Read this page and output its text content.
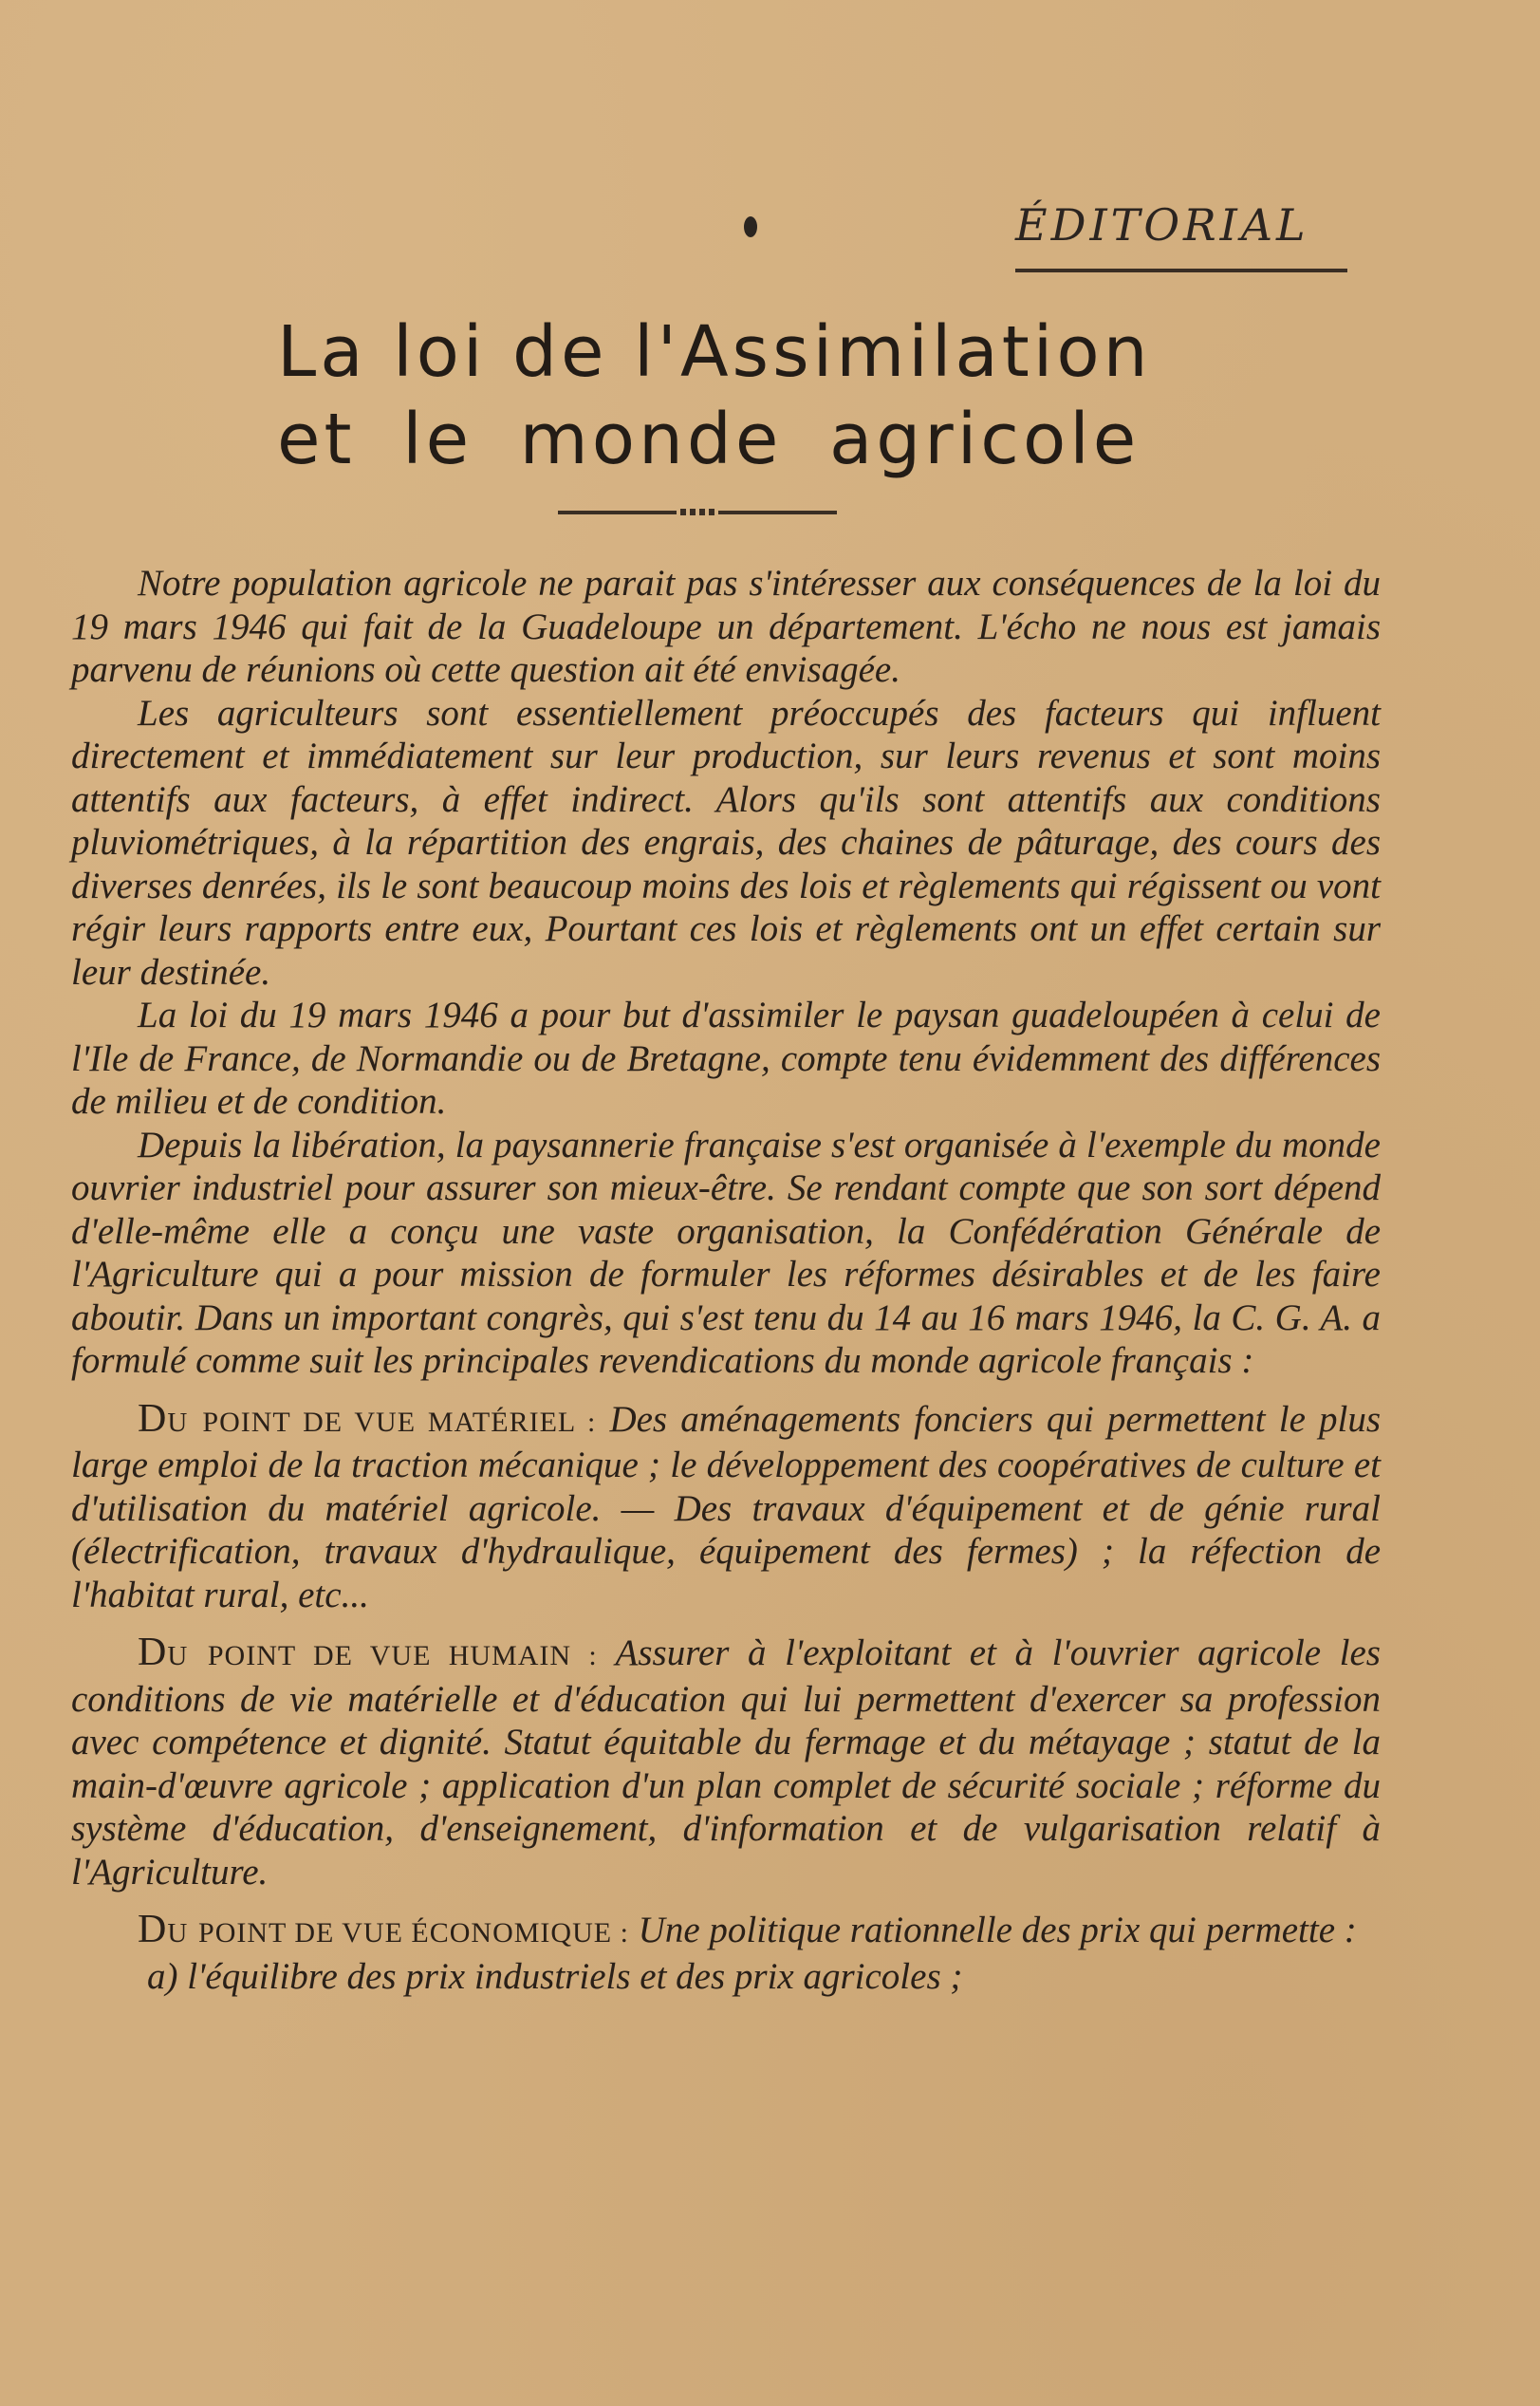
ÉDITORIAL
La loi de l'Assimilation
et le monde agricole

Notre population agricole ne parait pas s'intéresser aux conséquences de la loi du 19 mars 1946 qui fait de la Guadeloupe un département. L'écho ne nous est jamais parvenu de réunions où cette question ait été envisagée.

Les agriculteurs sont essentiellement préoccupés des facteurs qui influent directement et immédiatement sur leur production, sur leurs revenus et sont moins attentifs aux facteurs, à effet indirect. Alors qu'ils sont attentifs aux conditions pluviométriques, à la répartition des engrais, des chaines de pâturage, des cours des diverses denrées, ils le sont beaucoup moins des lois et règlements qui régissent ou vont régir leurs rapports entre eux, Pourtant ces lois et règlements ont un effet certain sur leur destinée.

La loi du 19 mars 1946 a pour but d'assimiler le paysan guadeloupéen à celui de l'Ile de France, de Normandie ou de Bretagne, compte tenu évidemment des différences de milieu et de condition.

Depuis la libération, la paysannerie française s'est organisée à l'exemple du monde ouvrier industriel pour assurer son mieux-être. Se rendant compte que son sort dépend d'elle-même elle a conçu une vaste organisation, la Confédération Générale de l'Agriculture qui a pour mission de formuler les réformes désirables et de les faire aboutir. Dans un important congrès, qui s'est tenu du 14 au 16 mars 1946, la C. G. A. a formulé comme suit les principales revendications du monde agricole français :

Du POINT DE VUE MATÉRIEL : Des aménagements fonciers qui permettent le plus large emploi de la traction mécanique ; le développement des coopératives de culture et d'utilisation du matériel agricole. — Des travaux d'équipement et de génie rural (électrification, travaux d'hydraulique, équipement des fermes) ; la réfection de l'habitat rural, etc...

Du POINT DE VUE HUMAIN : Assurer à l'exploitant et à l'ouvrier agricole les conditions de vie matérielle et d'éducation qui lui permettent d'exercer sa profession avec compétence et dignité. Statut équitable du fermage et du métayage ; statut de la main-d'œuvre agricole ; application d'un plan complet de sécurité sociale ; réforme du système d'éducation, d'enseignement, d'information et de vulgarisation relatif à l'Agriculture.

Du POINT DE VUE ÉCONOMIQUE : Une politique rationnelle des prix qui permette :

a) l'équilibre des prix industriels et des prix agricoles ;
